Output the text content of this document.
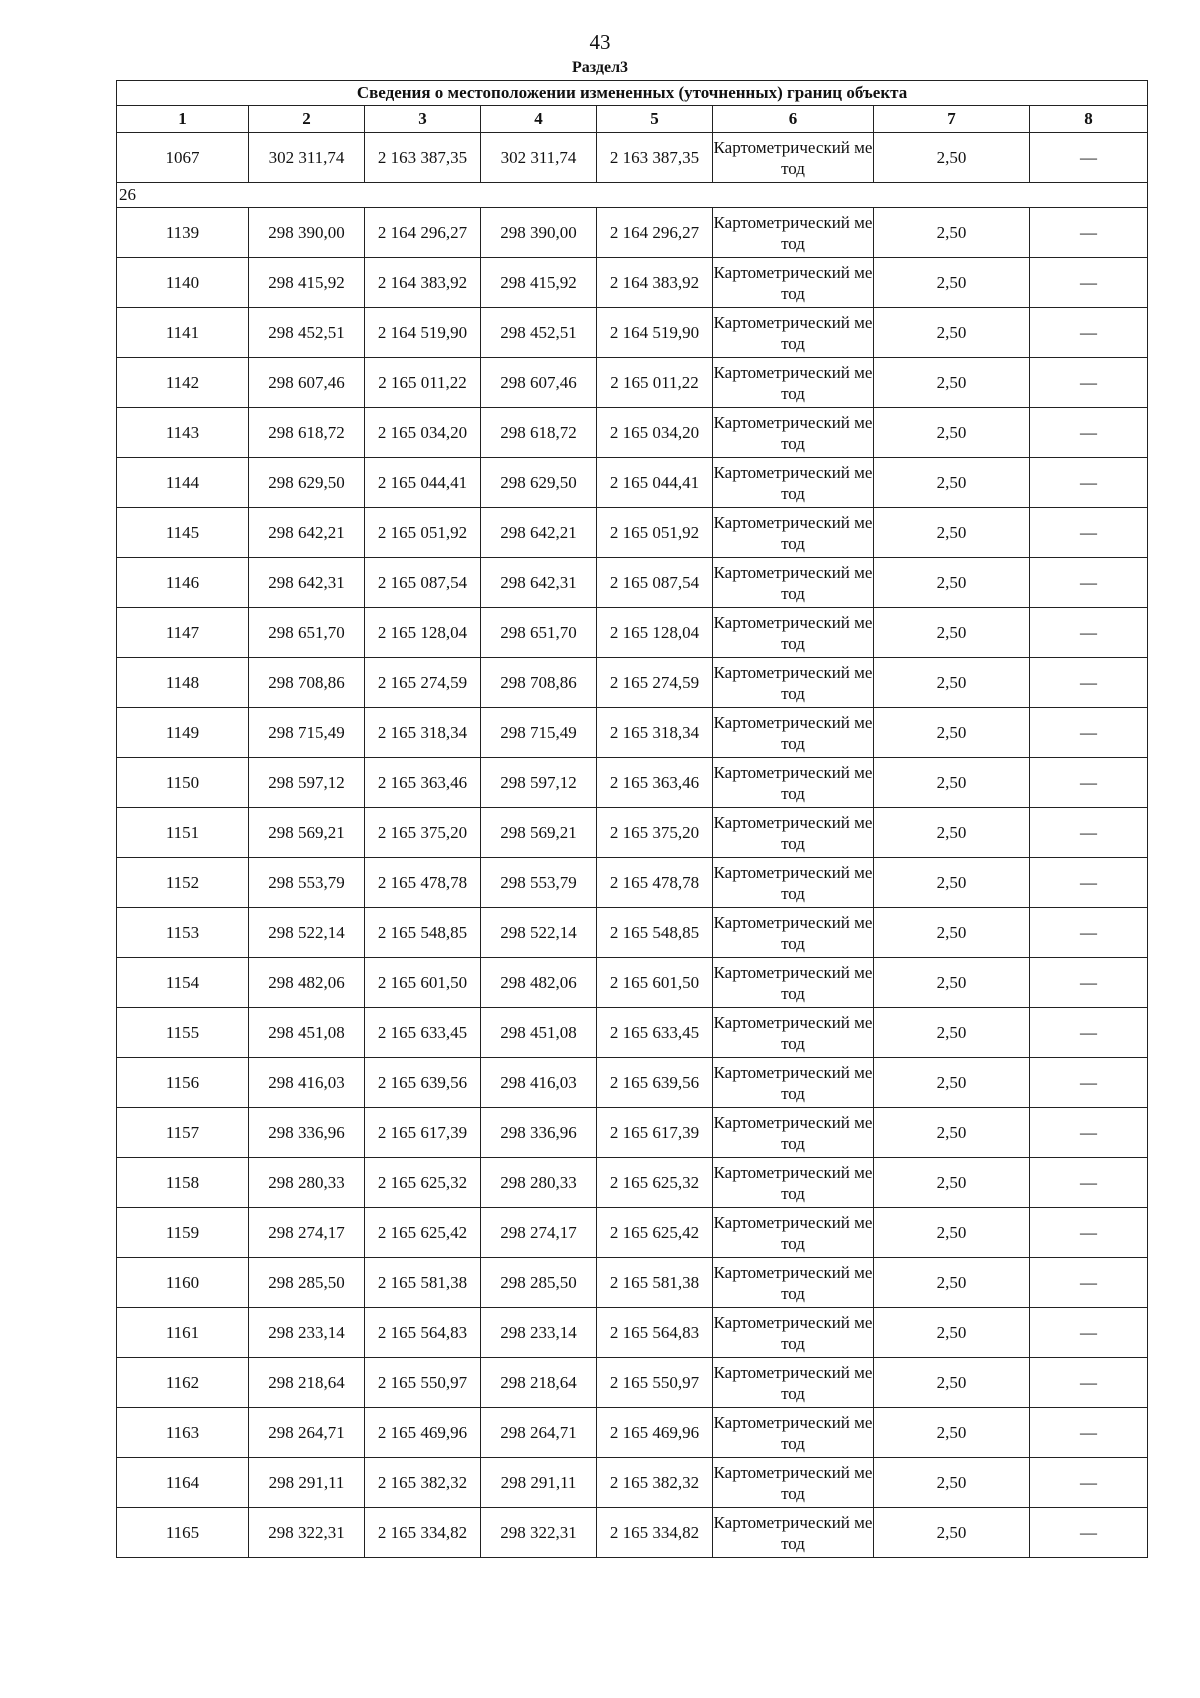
43
Раздел3
Сведения о местоположении измененных (уточненных) границ объекта							
1	2	3	4	5	6	7	8
1067	302 311,74	2 163 387,35	302 311,74	2 163 387,35	Картометрический метод	2,50	—
26							
1139	298 390,00	2 164 296,27	298 390,00	2 164 296,27	Картометрический метод	2,50	—
1140	298 415,92	2 164 383,92	298 415,92	2 164 383,92	Картометрический метод	2,50	—
1141	298 452,51	2 164 519,90	298 452,51	2 164 519,90	Картометрический метод	2,50	—
1142	298 607,46	2 165 011,22	298 607,46	2 165 011,22	Картометрический метод	2,50	—
1143	298 618,72	2 165 034,20	298 618,72	2 165 034,20	Картометрический метод	2,50	—
1144	298 629,50	2 165 044,41	298 629,50	2 165 044,41	Картометрический метод	2,50	—
1145	298 642,21	2 165 051,92	298 642,21	2 165 051,92	Картометрический метод	2,50	—
1146	298 642,31	2 165 087,54	298 642,31	2 165 087,54	Картометрический метод	2,50	—
1147	298 651,70	2 165 128,04	298 651,70	2 165 128,04	Картометрический метод	2,50	—
1148	298 708,86	2 165 274,59	298 708,86	2 165 274,59	Картометрический метод	2,50	—
1149	298 715,49	2 165 318,34	298 715,49	2 165 318,34	Картометрический метод	2,50	—
1150	298 597,12	2 165 363,46	298 597,12	2 165 363,46	Картометрический метод	2,50	—
1151	298 569,21	2 165 375,20	298 569,21	2 165 375,20	Картометрический метод	2,50	—
1152	298 553,79	2 165 478,78	298 553,79	2 165 478,78	Картометрический метод	2,50	—
1153	298 522,14	2 165 548,85	298 522,14	2 165 548,85	Картометрический метод	2,50	—
1154	298 482,06	2 165 601,50	298 482,06	2 165 601,50	Картометрический метод	2,50	—
1155	298 451,08	2 165 633,45	298 451,08	2 165 633,45	Картометрический метод	2,50	—
1156	298 416,03	2 165 639,56	298 416,03	2 165 639,56	Картометрический метод	2,50	—
1157	298 336,96	2 165 617,39	298 336,96	2 165 617,39	Картометрический метод	2,50	—
1158	298 280,33	2 165 625,32	298 280,33	2 165 625,32	Картометрический метод	2,50	—
1159	298 274,17	2 165 625,42	298 274,17	2 165 625,42	Картометрический метод	2,50	—
1160	298 285,50	2 165 581,38	298 285,50	2 165 581,38	Картометрический метод	2,50	—
1161	298 233,14	2 165 564,83	298 233,14	2 165 564,83	Картометрический метод	2,50	—
1162	298 218,64	2 165 550,97	298 218,64	2 165 550,97	Картометрический метод	2,50	—
1163	298 264,71	2 165 469,96	298 264,71	2 165 469,96	Картометрический метод	2,50	—
1164	298 291,11	2 165 382,32	298 291,11	2 165 382,32	Картометрический метод	2,50	—
1165	298 322,31	2 165 334,82	298 322,31	2 165 334,82	Картометрический метод	2,50	—
